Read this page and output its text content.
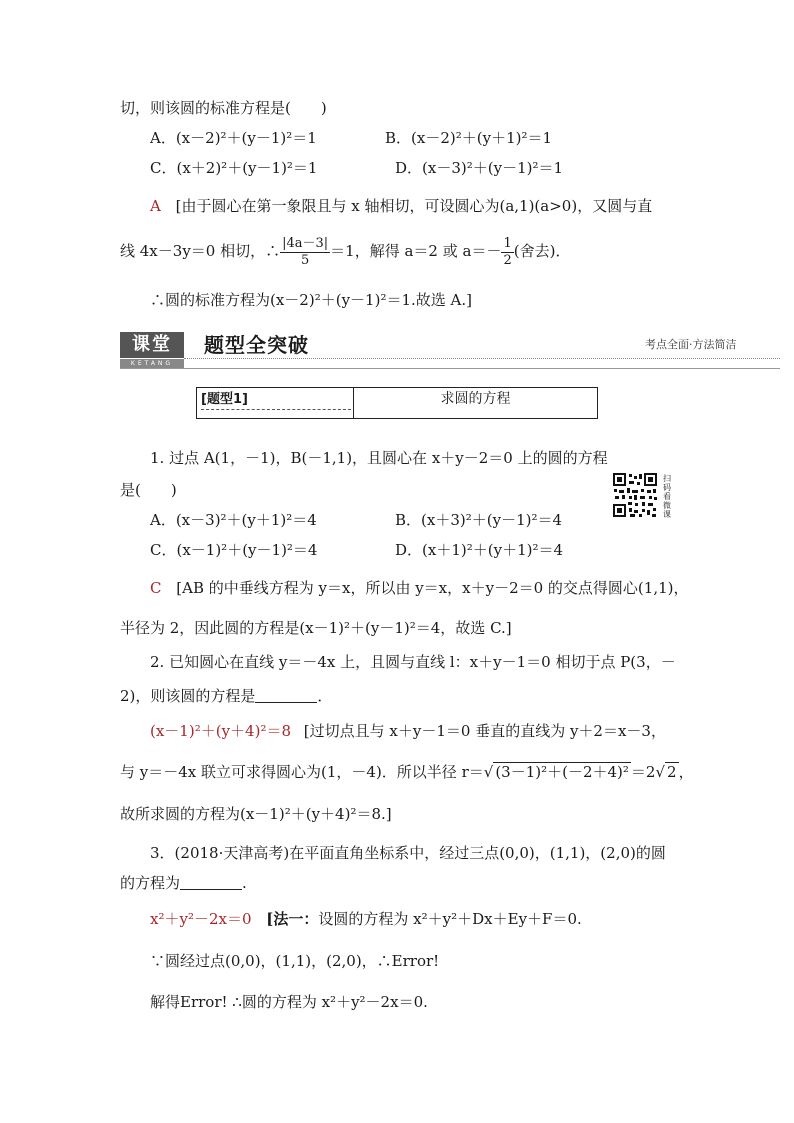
切，则该圆的标准方程是(　　)
A．(x－2)²＋(y－1)²＝1	B．(x－2)²＋(y＋1)²＝1
C．(x＋2)²＋(y－1)²＝1	D．(x－3)²＋(y－1)²＝1
A [由于圆心在第一象限且与 x 轴相切，可设圆心为(a,1)(a>0)，又圆与直
线 4x－3y＝0 相切，∴ $\frac{|4a-3|}{5} =1$，解得 a＝2 或 $a=- \frac{1}{2}$ (舍去)．
∴圆的标准方程为(x－2)²＋(y－1)²＝1.故选 A.]
课堂
KETANG
题型全突破	考点全面·方法简洁
[题型1]	求圆的方程
1. 过点 A(1，－1)，B(－1,1)，且圆心在 x＋y－2＝0 上的圆的方程
是(　　)
扫码看微课
A．(x－3)²＋(y＋1)²＝4	B．(x＋3)²＋(y－1)²＝4
C．(x－1)²＋(y－1)²＝4	D．(x＋1)²＋(y＋1)²＝4
C [AB 的中垂线方程为 y＝x，所以由 y＝x，x＋y－2＝0 的交点得圆心(1,1)，
半径为 2，因此圆的方程是(x－1)²＋(y－1)²＝4，故选 C.]
2. 已知圆心在直线 y＝－4x 上，且圆与直线 l：x＋y－1＝0 相切于点 P(3，－
2)，则该圆的方程是	．
(x－1)²＋(y＋4)²＝8 [过切点且与 x＋y－1＝0 垂直的直线为 y＋2＝x－3，
与 y＝－4x 联立可求得圆心为(1，－4)．所以半径 r＝√ (3－1)²＋(－2＋4)² ＝2√ 2 ，
故所求圆的方程为(x－1)²＋(y＋4)²＝8.]
3．(2018·天津高考)在平面直角坐标系中，经过三点(0,0)，(1,1)，(2,0)的圆
的方程为	.
x²＋y²－2x＝0 [法一：设圆的方程为 x²＋y²＋Dx＋Ey＋F＝0.
∵圆经过点(0,0)，(1,1)，(2,0)，∴Error!
解得Error! ∴圆的方程为 x²＋y²－2x＝0.
